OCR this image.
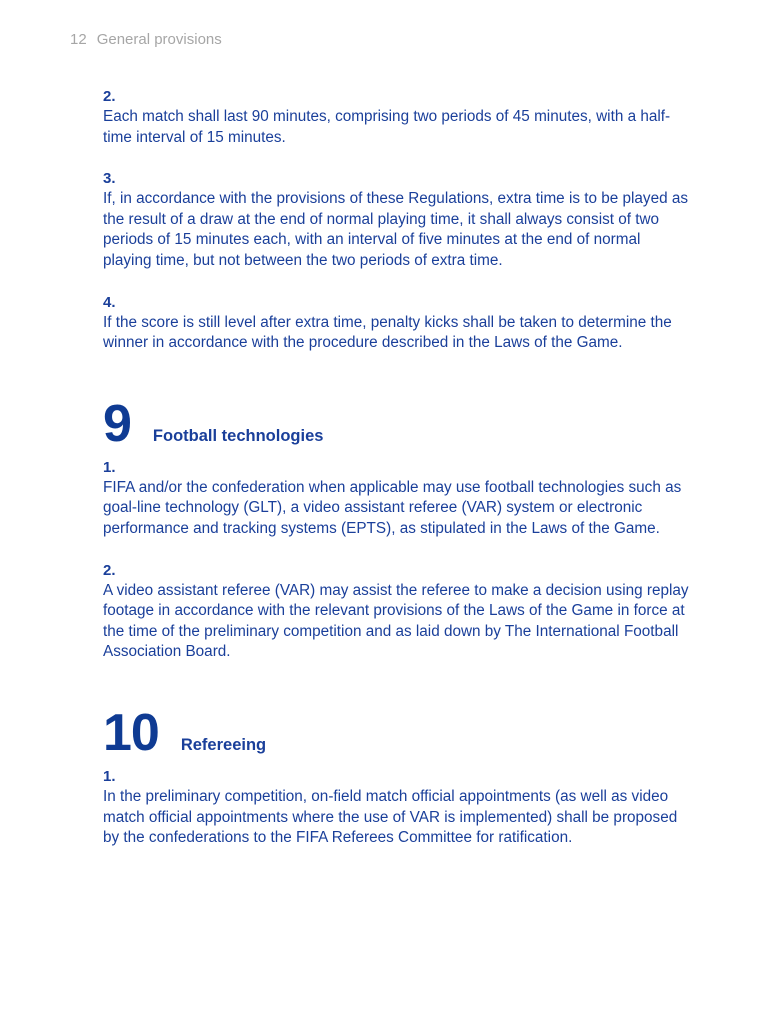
12 General provisions
2.
Each match shall last 90 minutes, comprising two periods of 45 minutes, with a half-time interval of 15 minutes.
3.
If, in accordance with the provisions of these Regulations, extra time is to be played as the result of a draw at the end of normal playing time, it shall always consist of two periods of 15 minutes each, with an interval of five minutes at the end of normal playing time, but not between the two periods of extra time.
4.
If the score is still level after extra time, penalty kicks shall be taken to determine the winner in accordance with the procedure described in the Laws of the Game.
9 Football technologies
1.
FIFA and/or the confederation when applicable may use football technologies such as goal-line technology (GLT), a video assistant referee (VAR) system or electronic performance and tracking systems (EPTS), as stipulated in the Laws of the Game.
2.
A video assistant referee (VAR) may assist the referee to make a decision using replay footage in accordance with the relevant provisions of the Laws of the Game in force at the time of the preliminary competition and as laid down by The International Football Association Board.
10 Refereeing
1.
In the preliminary competition, on-field match official appointments (as well as video match official appointments where the use of VAR is implemented) shall be proposed by the confederations to the FIFA Referees Committee for ratification.
